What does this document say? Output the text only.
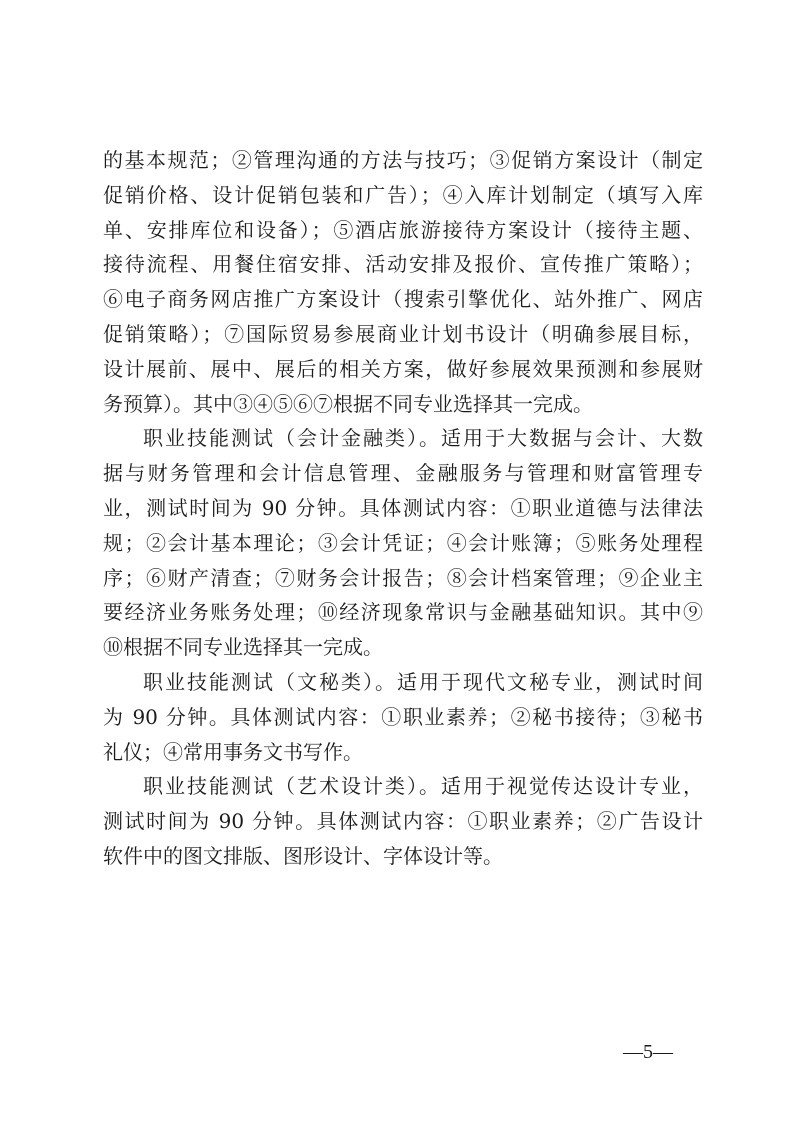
的基本规范；②管理沟通的方法与技巧；③促销方案设计（制定
促销价格、设计促销包装和广告）；④入库计划制定（填写入库
单、安排库位和设备）；⑤酒店旅游接待方案设计（接待主题、
接待流程、用餐住宿安排、活动安排及报价、宣传推广策略）；
⑥电子商务网店推广方案设计（搜索引擎优化、站外推广、网店
促销策略）；⑦国际贸易参展商业计划书设计（明确参展目标，
设计展前、展中、展后的相关方案，做好参展效果预测和参展财
务预算）。其中③④⑤⑥⑦根据不同专业选择其一完成。
职业技能测试（会计金融类）。适用于大数据与会计、大数
据与财务管理和会计信息管理、金融服务与管理和财富管理专
业，测试时间为 90 分钟。具体测试内容：①职业道德与法律法
规；②会计基本理论；③会计凭证；④会计账簿；⑤账务处理程
序；⑥财产清查；⑦财务会计报告；⑧会计档案管理；⑨企业主
要经济业务账务处理；⑩经济现象常识与金融基础知识。其中⑨
⑩根据不同专业选择其一完成。
职业技能测试（文秘类）。适用于现代文秘专业，测试时间
为 90 分钟。具体测试内容：①职业素养；②秘书接待；③秘书
礼仪；④常用事务文书写作。
职业技能测试（艺术设计类）。适用于视觉传达设计专业，
测试时间为 90 分钟。具体测试内容：①职业素养；②广告设计
软件中的图文排版、图形设计、字体设计等。
—5—
